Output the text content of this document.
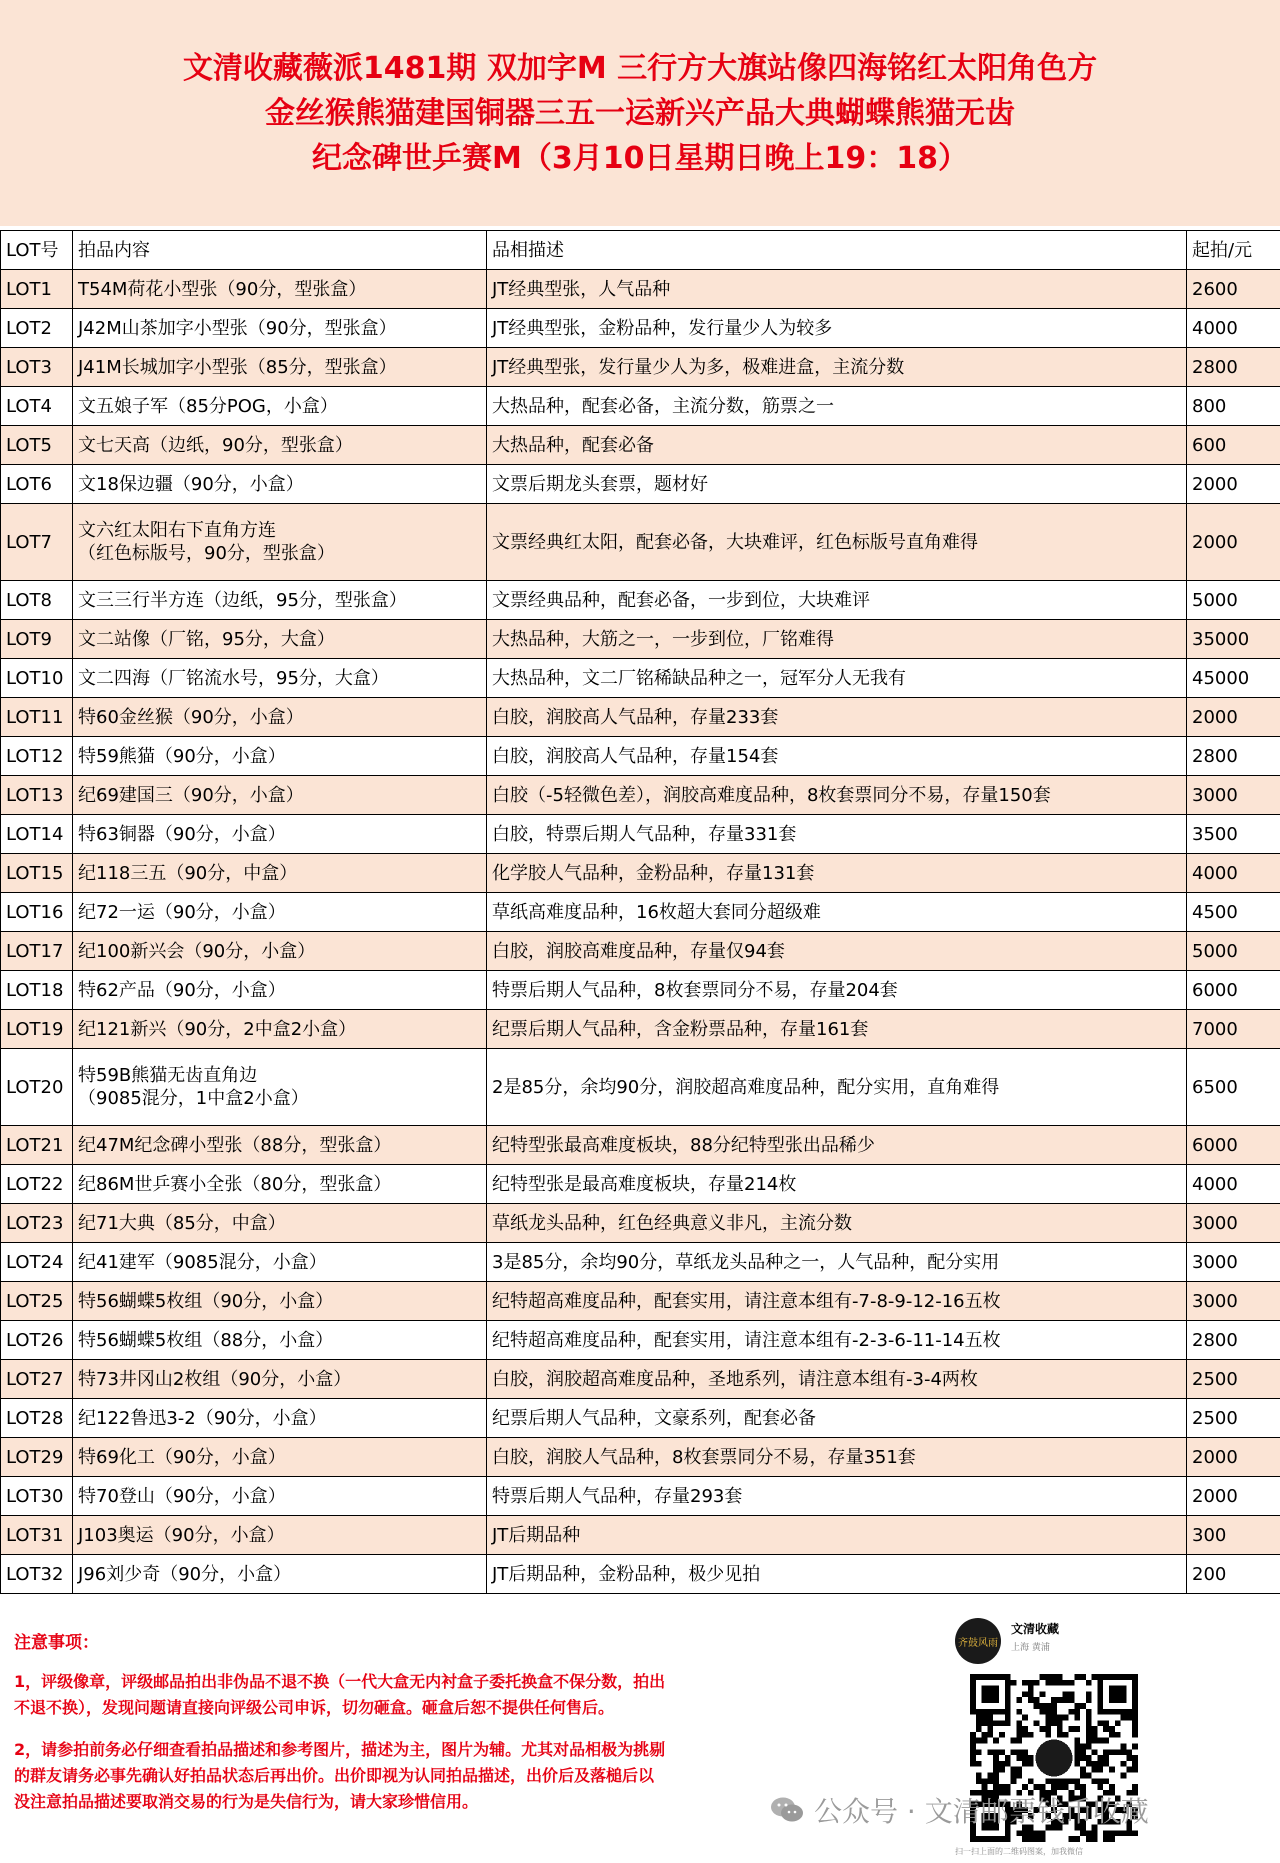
文清收藏薇派1481期 双加字M 三行方大旗站像四海铭红太阳角色方
金丝猴熊猫建国铜器三五一运新兴产品大典蝴蝶熊猫无齿
纪念碑世乒赛M（3月10日星期日晚上19：18）
LOT号	拍品内容	品相描述	起拍/元
LOT1	T54M荷花小型张（90分，型张盒）	JT经典型张，人气品种	2600
LOT2	J42M山茶加字小型张（90分，型张盒）	JT经典型张，金粉品种，发行量少人为较多	4000
LOT3	J41M长城加字小型张（85分，型张盒）	JT经典型张，发行量少人为多，极难进盒，主流分数	2800
LOT4	文五娘子军（85分POG，小盒）	大热品种，配套必备，主流分数，筋票之一	800
LOT5	文七天高（边纸，90分，型张盒）	大热品种，配套必备	600
LOT6	文18保边疆（90分，小盒）	文票后期龙头套票，题材好	2000
LOT7	文六红太阳右下直角方连
（红色标版号，90分，型张盒）	文票经典红太阳，配套必备，大块难评，红色标版号直角难得	2000
LOT8	文三三行半方连（边纸，95分，型张盒）	文票经典品种，配套必备，一步到位，大块难评	5000
LOT9	文二站像（厂铭，95分，大盒）	大热品种，大筋之一，一步到位，厂铭难得	35000
LOT10	文二四海（厂铭流水号，95分，大盒）	大热品种，文二厂铭稀缺品种之一，冠军分人无我有	45000
LOT11	特60金丝猴（90分，小盒）	白胶，润胶高人气品种，存量233套	2000
LOT12	特59熊猫（90分，小盒）	白胶，润胶高人气品种，存量154套	2800
LOT13	纪69建国三（90分，小盒）	白胶（-5轻微色差），润胶高难度品种，8枚套票同分不易，存量150套	3000
LOT14	特63铜器（90分，小盒）	白胶，特票后期人气品种，存量331套	3500
LOT15	纪118三五（90分，中盒）	化学胶人气品种，金粉品种，存量131套	4000
LOT16	纪72一运（90分，小盒）	草纸高难度品种，16枚超大套同分超级难	4500
LOT17	纪100新兴会（90分，小盒）	白胶，润胶高难度品种，存量仅94套	5000
LOT18	特62产品（90分，小盒）	特票后期人气品种，8枚套票同分不易，存量204套	6000
LOT19	纪121新兴（90分，2中盒2小盒）	纪票后期人气品种，含金粉票品种，存量161套	7000
LOT20	特59B熊猫无齿直角边
（9085混分，1中盒2小盒）	2是85分，余均90分，润胶超高难度品种，配分实用，直角难得	6500
LOT21	纪47M纪念碑小型张（88分，型张盒）	纪特型张最高难度板块，88分纪特型张出品稀少	6000
LOT22	纪86M世乒赛小全张（80分，型张盒）	纪特型张是最高难度板块，存量214枚	4000
LOT23	纪71大典（85分，中盒）	草纸龙头品种，红色经典意义非凡，主流分数	3000
LOT24	纪41建军（9085混分，小盒）	3是85分，余均90分，草纸龙头品种之一，人气品种，配分实用	3000
LOT25	特56蝴蝶5枚组（90分，小盒）	纪特超高难度品种，配套实用，请注意本组有-7-8-9-12-16五枚	3000
LOT26	特56蝴蝶5枚组（88分，小盒）	纪特超高难度品种，配套实用，请注意本组有-2-3-6-11-14五枚	2800
LOT27	特73井冈山2枚组（90分，小盒）	白胶，润胶超高难度品种，圣地系列，请注意本组有-3-4两枚	2500
LOT28	纪122鲁迅3-2（90分，小盒）	纪票后期人气品种，文豪系列，配套必备	2500
LOT29	特69化工（90分，小盒）	白胶，润胶人气品种，8枚套票同分不易，存量351套	2000
LOT30	特70登山（90分，小盒）	特票后期人气品种，存量293套	2000
LOT31	J103奥运（90分，小盒）	JT后期品种	300
LOT32	J96刘少奇（90分，小盒）	JT后期品种，金粉品种，极少见拍	200
注意事项：
1，评级像章，评级邮品拍出非伪品不退不换（一代大盒无内衬盒子委托换盒不保分数，拍出
不退不换），发现问题请直接向评级公司申诉，切勿砸盒。砸盒后恕不提供任何售后。
2，请参拍前务必仔细查看拍品描述和参考图片，描述为主，图片为辅。尤其对品相极为挑剔
的群友请务必事先确认好拍品状态后再出价。出价即视为认同拍品描述，出价后及落槌后以
没注意拍品描述要取消交易的行为是失信行为，请大家珍惜信用。
齐鼓风雨
文清收藏
上海 黄浦
扫一扫上面的二维码图案，加我微信
公众号 · 文清邮票钱币收藏
